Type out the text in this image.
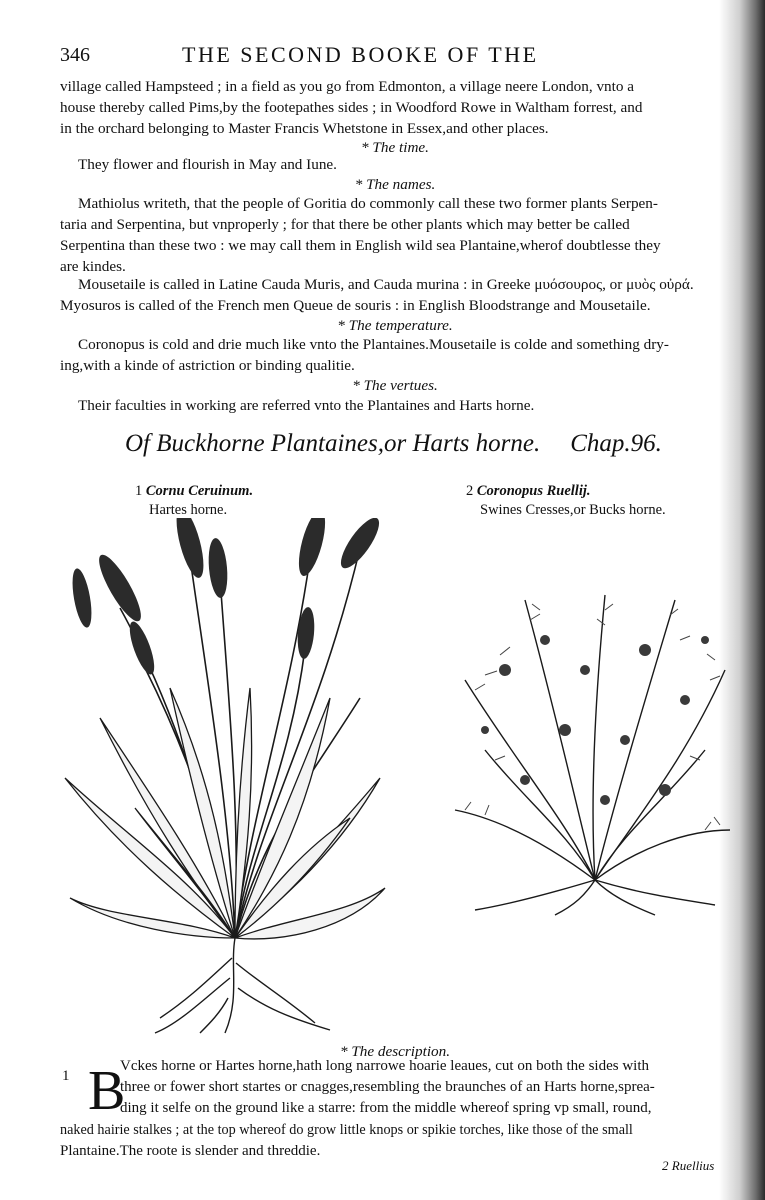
346	THE SECOND BOOKE OF THE
village called Hampsteed ; in a field as you go from Edmonton, a village neere London, vnto a
house thereby called Pims,by the footepathes sides ; in Woodford Rowe in Waltham forrest, and
in the orchard belonging to Master Francis Whetstone in Essex,and other places.
* The time.
They flower and flourish in May and Iune.
* The names.
Mathiolus writeth, that the people of Goritia do commonly call these two former plants Serpen-
taria and Serpentina, but vnproperly ; for that there be other plants which may better be called
Serpentina than these two : we may call them in English wild sea Plantaine,wherof doubtlesse they
are kindes.
Mousetaile is called in Latine Cauda Muris, and Cauda murina : in Greeke μυόσουρος, or μυὸς οὐρά.
Myosuros is called of the French men Queue de souris : in English Bloodstrange and Mousetaile.
* The temperature.
Coronopus is cold and drie much like vnto the Plantaines.Mousetaile is colde and something dry-
ing,with a kinde of astriction or binding qualitie.
* The vertues.
Their faculties in working are referred vnto the Plantaines and Harts horne.
Of Buckhorne Plantaines,or Harts horne. Chap.96.
1 Cornu Ceruinum.
Hartes horne.
2 Coronopus Ruellij.
Swines Cresses,or Bucks horne.
* The description.
1 B
Vckes horne or Hartes horne,hath long narrowe hoarie leaues, cut on both the sides with
three or fower short startes or cnagges,resembling the braunches of an Harts horne,sprea-
ding it selfe on the ground like a starre: from the middle whereof spring vp small, round,
naked hairie stalkes ; at the top whereof do grow little knops or spikie torches, like those of the small
Plantaine.The roote is slender and threddie.
2 Ruellius
